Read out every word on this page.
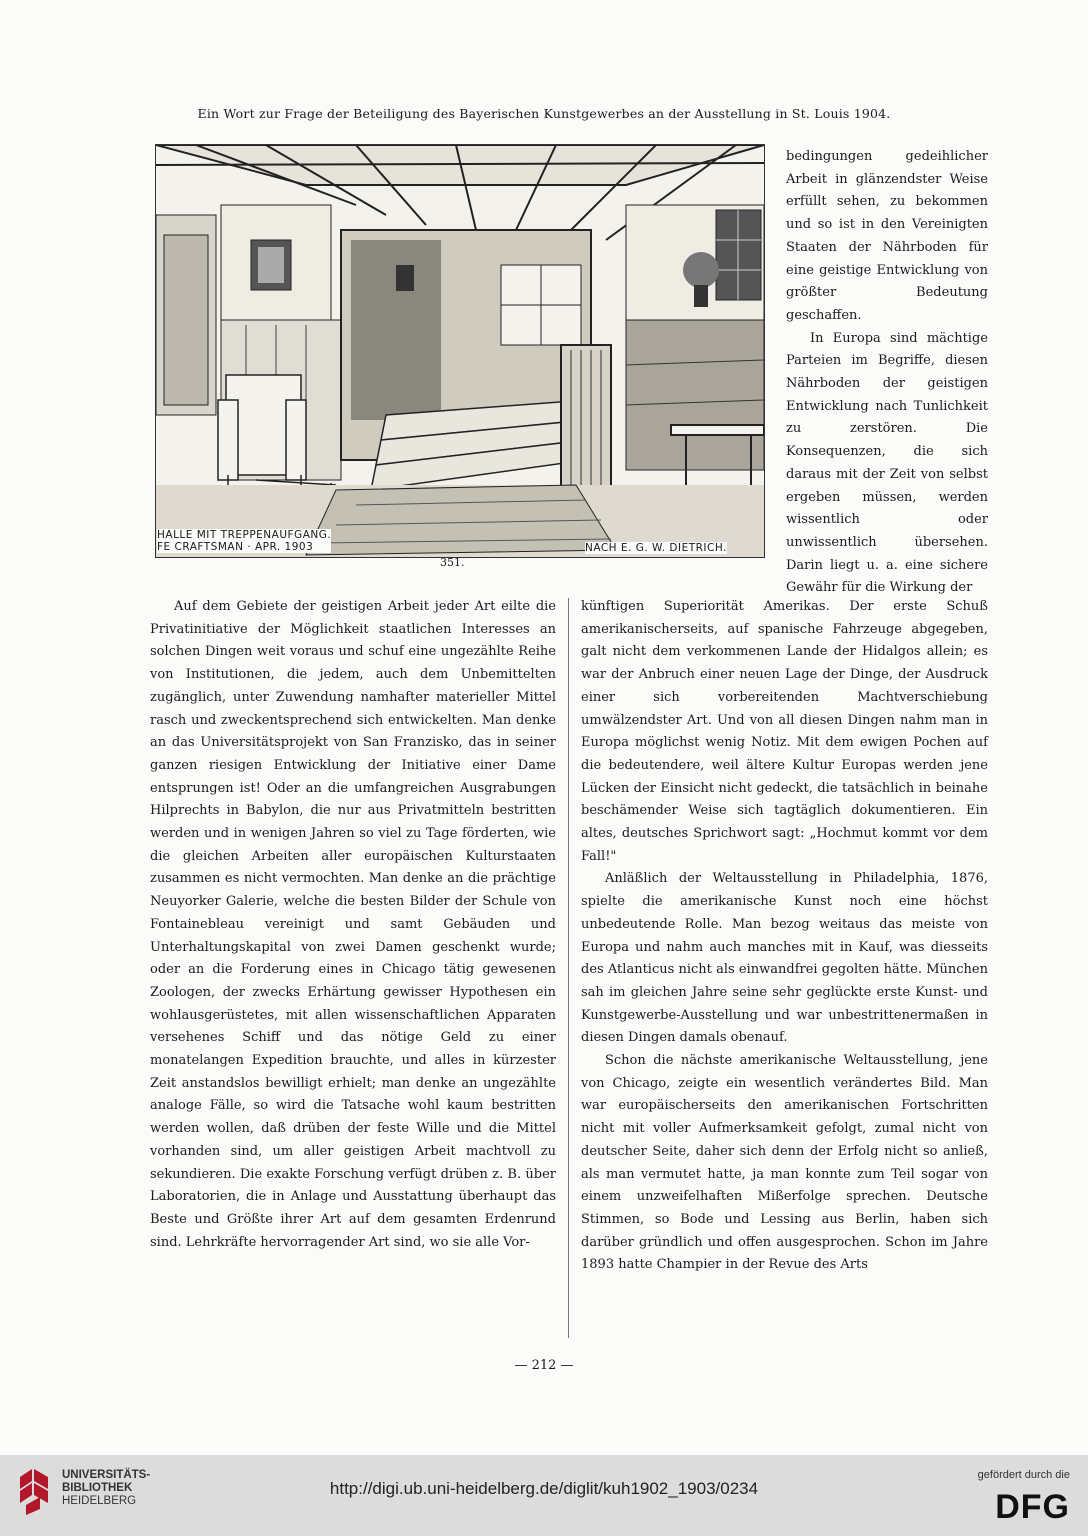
Ein Wort zur Frage der Beteiligung des Bayerischen Kunstgewerbes an der Ausstellung in St. Louis 1904.
HALLE MIT TREPPENAUFGANG.
FE CRAFTSMAN · APR. 1903	NACH E. G. W. DIETRICH.
351.

bedingungen gedeihlicher Arbeit in glänzendster Weise erfüllt sehen, zu bekommen und so ist in den Vereinigten Staaten der Nährboden für eine geistige Entwicklung von größter Bedeutung geschaffen.

In Europa sind mächtige Parteien im Begriffe, diesen Nährboden der geistigen Entwicklung nach Tunlichkeit zu zerstören. Die Konsequenzen, die sich daraus mit der Zeit von selbst ergeben müssen, werden wissentlich oder unwissentlich übersehen. Darin liegt u. a. eine sichere Gewähr für die Wirkung der

Auf dem Gebiete der geistigen Arbeit jeder Art eilte die Privatinitiative der Möglichkeit staatlichen Interesses an solchen Dingen weit voraus und schuf eine ungezählte Reihe von Institutionen, die jedem, auch dem Unbemittelten zugänglich, unter Zuwendung namhafter materieller Mittel rasch und zweckentsprechend sich entwickelten. Man denke an das Universitätsprojekt von San Franzisko, das in seiner ganzen riesigen Entwicklung der Initiative einer Dame entsprungen ist! Oder an die umfangreichen Ausgrabungen Hilprechts in Babylon, die nur aus Privatmitteln bestritten werden und in wenigen Jahren so viel zu Tage förderten, wie die gleichen Arbeiten aller europäischen Kulturstaaten zusammen es nicht vermochten. Man denke an die prächtige Neuyorker Galerie, welche die besten Bilder der Schule von Fontainebleau vereinigt und samt Gebäuden und Unterhaltungskapital von zwei Damen geschenkt wurde; oder an die Forderung eines in Chicago tätig gewesenen Zoologen, der zwecks Erhärtung gewisser Hypothesen ein wohlausgerüstetes, mit allen wissenschaftlichen Apparaten versehenes Schiff und das nötige Geld zu einer monatelangen Expedition brauchte, und alles in kürzester Zeit anstandslos bewilligt erhielt; man denke an ungezählte analoge Fälle, so wird die Tatsache wohl kaum bestritten werden wollen, daß drüben der feste Wille und die Mittel vorhanden sind, um aller geistigen Arbeit machtvoll zu sekundieren. Die exakte Forschung verfügt drüben z. B. über Laboratorien, die in Anlage und Ausstattung überhaupt das Beste und Größte ihrer Art auf dem gesamten Erdenrund sind. Lehrkräfte hervorragender Art sind, wo sie alle Vor-

künftigen Superiorität Amerikas. Der erste Schuß amerikanischerseits, auf spanische Fahrzeuge abgegeben, galt nicht dem verkommenen Lande der Hidalgos allein; es war der Anbruch einer neuen Lage der Dinge, der Ausdruck einer sich vorbereitenden Machtverschiebung umwälzendster Art. Und von all diesen Dingen nahm man in Europa möglichst wenig Notiz. Mit dem ewigen Pochen auf die bedeutendere, weil ältere Kultur Europas werden jene Lücken der Einsicht nicht gedeckt, die tatsächlich in beinahe beschämender Weise sich tagtäglich dokumentieren. Ein altes, deutsches Sprichwort sagt: „Hochmut kommt vor dem Fall!"

Anläßlich der Weltausstellung in Philadelphia, 1876, spielte die amerikanische Kunst noch eine höchst unbedeutende Rolle. Man bezog weitaus das meiste von Europa und nahm auch manches mit in Kauf, was diesseits des Atlanticus nicht als einwandfrei gegolten hätte. München sah im gleichen Jahre seine sehr geglückte erste Kunst- und Kunstgewerbe-Ausstellung und war unbestrittenermaßen in diesen Dingen damals obenauf.

Schon die nächste amerikanische Weltausstellung, jene von Chicago, zeigte ein wesentlich verändertes Bild. Man war europäischerseits den amerikanischen Fortschritten nicht mit voller Aufmerksamkeit gefolgt, zumal nicht von deutscher Seite, daher sich denn der Erfolg nicht so anließ, als man vermutet hatte, ja man konnte zum Teil sogar von einem unzweifelhaften Mißerfolge sprechen. Deutsche Stimmen, so Bode und Lessing aus Berlin, haben sich darüber gründlich und offen ausgesprochen. Schon im Jahre 1893 hatte Champier in der Revue des Arts

— 212 —
UNIVERSITÄTS-
BIBLIOTHEK
HEIDELBERG
http://digi.ub.uni-heidelberg.de/diglit/kuh1902_1903/0234
gefördert durch die
DFG
